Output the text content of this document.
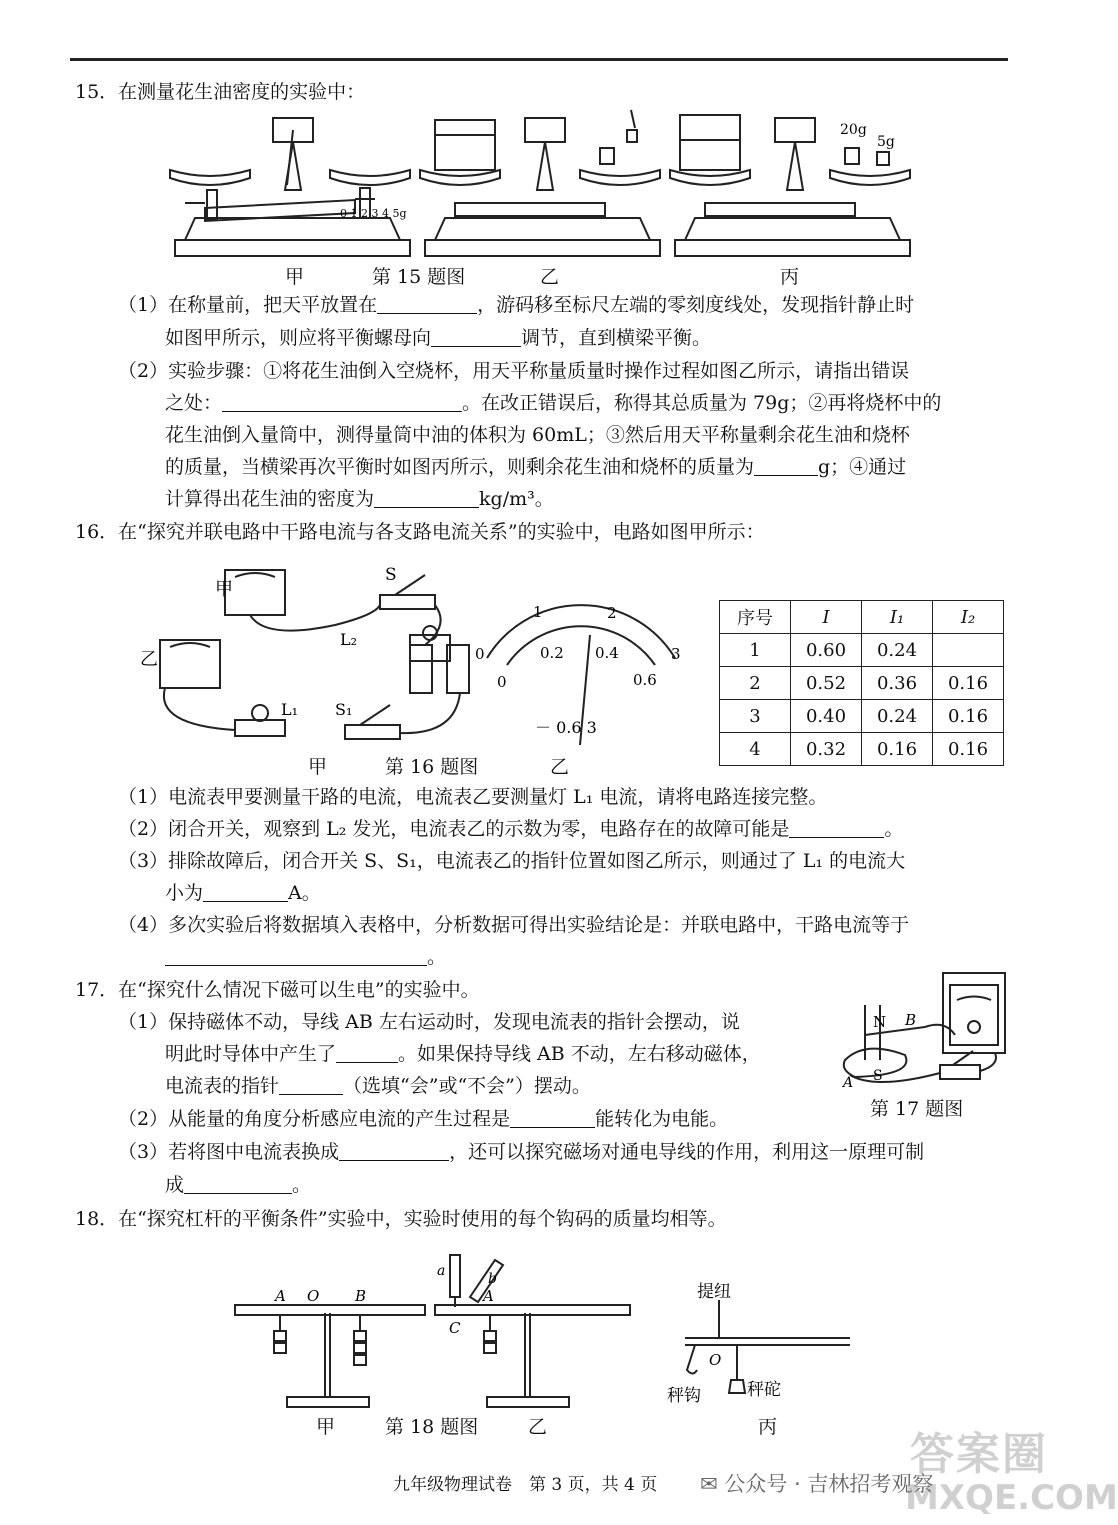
15．在测量花生油密度的实验中：
0 1 2 3 4 5g
20g
5g
甲	第 15 题图	乙	丙
（1）在称量前，把天平放置在	，游码移至标尺左端的零刻度线处，发现指针静止时
如图甲所示，则应将平衡螺母向	调节，直到横梁平衡。
（2）实验步骤：①将花生油倒入空烧杯，用天平称量质量时操作过程如图乙所示，请指出错误
之处：	。在改正错误后，称得其总质量为 79g；②再将烧杯中的
花生油倒入量筒中，测得量筒中油的体积为 60mL；③然后用天平称量剩余花生油和烧杯
的质量，当横梁再次平衡时如图丙所示，则剩余花生油和烧杯的质量为	g；④通过
计算得出花生油的密度为	kg/m³。
16．在“探究并联电路中干路电流与各支路电流关系”的实验中，电路如图甲所示：
甲
乙
S
L₂
L₁ S₁
1	2
3
0
0
0.2 0.4
0.6
－ 0.6 3
甲	第 16 题图	乙
序号	I	I₁	I₂
1	0.60	0.24	
2	0.52	0.36	0.16
3	0.40	0.24	0.16
4	0.32	0.16	0.16
（1）电流表甲要测量干路的电流，电流表乙要测量灯 L₁ 电流，请将电路连接完整。
（2）闭合开关，观察到 L₂ 发光，电流表乙的示数为零，电路存在的故障可能是	。
（3）排除故障后，闭合开关 S、S₁，电流表乙的指针位置如图乙所示，则通过了 L₁ 的电流大
小为	A。
（4）多次实验后将数据填入表格中，分析数据可得出实验结论是：并联电路中，干路电流等于
。
17．在“探究什么情况下磁可以生电”的实验中。
（1）保持磁体不动，导线 AB 左右运动时，发现电流表的指针会摆动，说
明此时导体中产生了	。如果保持导线 AB 不动，左右移动磁体，
电流表的指针	（选填“会”或“不会”）摆动。
（2）从能量的角度分析感应电流的产生过程是	能转化为电能。
（3）若将图中电流表换成	，还可以探究磁场对通电导线的作用，利用这一原理可制
成	。
N B
A S
第 17 题图
18．在“探究杠杆的平衡条件”实验中，实验时使用的每个钩码的质量均相等。
A O B
a	b
A
C
提纽
O
秤钩	秤砣
甲	第 18 题图	乙	丙
九年级物理试卷　第 3 页，共 4 页 ✉ 公众号 · 吉林招考观察
答案圈
MXQE.COM
